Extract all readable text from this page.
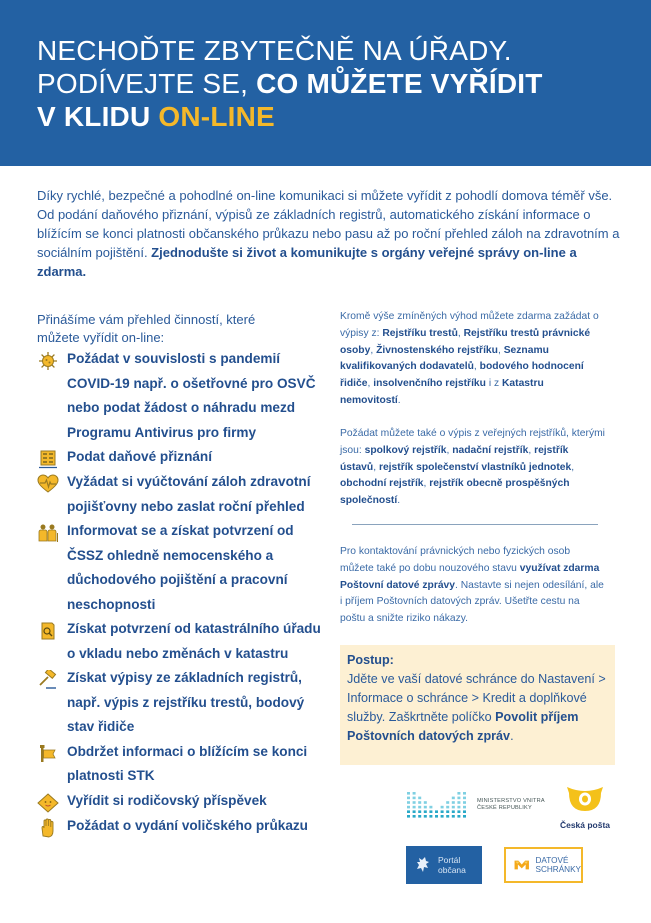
NECHOĎTE ZBYTEČNĚ NA ÚŘADY.
PODÍVEJTE SE, CO MŮŽETE VYŘÍDIT
V KLIDU ON-LINE

Díky rychlé, bezpečné a pohodlné on-line komunikaci si můžete vyřídit z pohodlí domova téměř vše. Od podání daňového přiznání, výpisů ze základních registrů, automatického získání informace o blížícím se konci platnosti občanského průkazu nebo pasu až po roční přehled záloh na zdravotním a sociálním pojištění. Zjednodušte si život a komunikujte s orgány veřejné správy on-line a zdarma.

Přinášíme vám přehled činností, které můžete vyřídit on-line:

Požádat v souvislosti s pandemií COVID-19 např. o ošetřovné pro OSVČ nebo podat žádost o náhradu mezd Programu Antivirus pro firmy
Podat daňové přiznání
Vyžádat si vyúčtování záloh zdravotní pojišťovny nebo zaslat roční přehled
Informovat se a získat potvrzení od ČSSZ ohledně nemocenského a důchodového pojištění a pracovní neschopnosti
Získat potvrzení od katastrálního úřadu o vkladu nebo změnách v katastru
Získat výpisy ze základních registrů, např. výpis z rejstříku trestů, bodový stav řidiče
Obdržet informaci o blížícím se konci platnosti STK
Vyřídit si rodičovský příspěvek
Požádat o vydání voličského průkazu

Kromě výše zmíněných výhod můžete zdarma zažádat o výpisy z: Rejstříku trestů, Rejstříku trestů právnické osoby, Živnostenského rejstříku, Seznamu kvalifikovaných dodavatelů, bodového hodnocení řidiče, insolvenčního rejstříku i z Katastru nemovitostí.

Požádat můžete také o výpis z veřejných rejstříků, kterými jsou: spolkový rejstřík, nadační rejstřík, rejstřík ústavů, rejstřík společenství vlastníků jednotek, obchodní rejstřík, rejstřík obecně prospěšných společností.

Pro kontaktování právnických nebo fyzických osob můžete také po dobu nouzového stavu využívat zdarma Poštovní datové zprávy. Nastavte si nejen odesílání, ale i příjem Poštovních datových zpráv. Ušetřte cestu na poštu a snižte riziko nákazy.

Postup:
Jděte ve vaší datové schránce do Nastavení > Informace o schránce > Kredit a doplňkové služby. Zaškrtněte políčko Povolit příjem Poštovních datových zpráv.
MINISTERSTVO VNITRA
ČESKÉ REPUBLIKY
Česká pošta
Portál
občana
DATOVÉ
SCHRÁNKY
